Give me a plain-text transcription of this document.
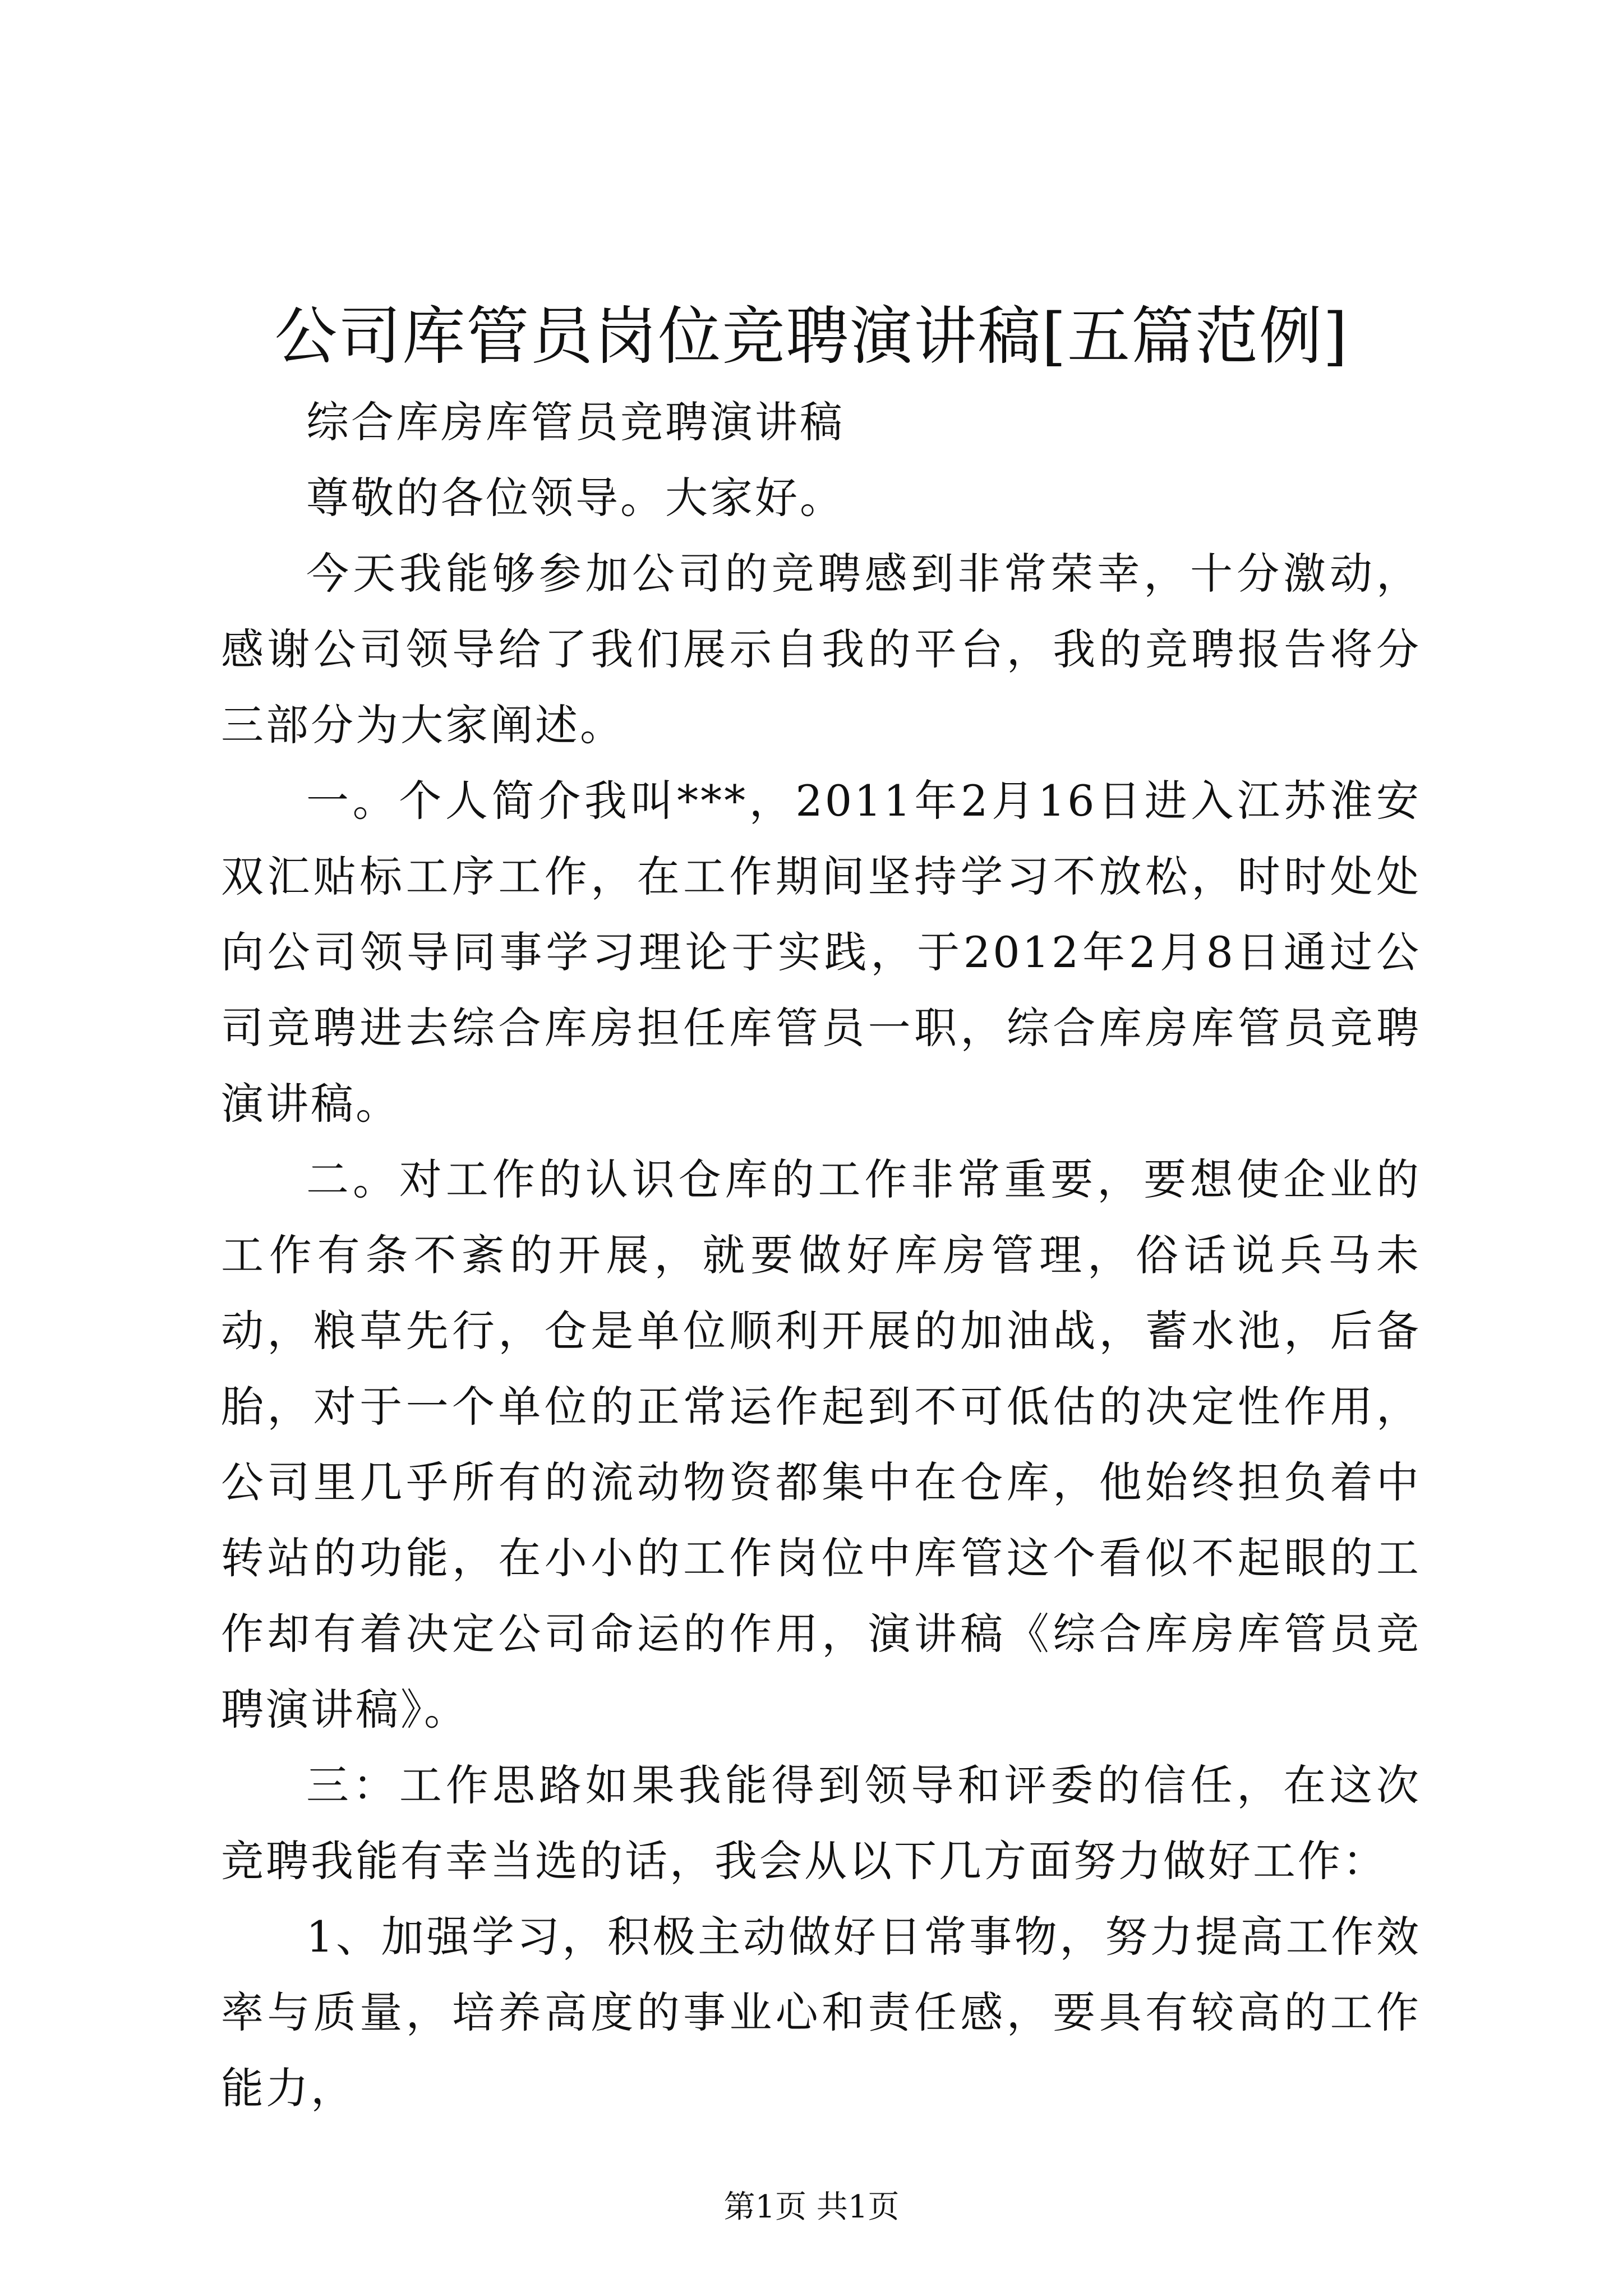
公司库管员岗位竞聘演讲稿[五篇范例]

综合库房库管员竞聘演讲稿

尊敬的各位领导。大家好。

今天我能够参加公司的竞聘感到非常荣幸，十分激动，感谢公司领导给了我们展示自我的平台，我的竞聘报告将分三部分为大家阐述。

一。个人简介我叫***，2011年2月16日进入江苏淮安双汇贴标工序工作，在工作期间坚持学习不放松，时时处处向公司领导同事学习理论于实践，于2012年2月8日通过公司竞聘进去综合库房担任库管员一职，综合库房库管员竞聘演讲稿。

二。对工作的认识仓库的工作非常重要，要想使企业的工作有条不紊的开展，就要做好库房管理，俗话说兵马未动，粮草先行，仓是单位顺利开展的加油战，蓄水池，后备胎，对于一个单位的正常运作起到不可低估的决定性作用，公司里几乎所有的流动物资都集中在仓库，他始终担负着中转站的功能，在小小的工作岗位中库管这个看似不起眼的工作却有着决定公司命运的作用，演讲稿《综合库房库管员竞聘演讲稿》。

三：工作思路如果我能得到领导和评委的信任，在这次竞聘我能有幸当选的话，我会从以下几方面努力做好工作：

1、加强学习，积极主动做好日常事物，努力提高工作效率与质量，培养高度的事业心和责任感，要具有较高的工作能力，

第1页 共1页
